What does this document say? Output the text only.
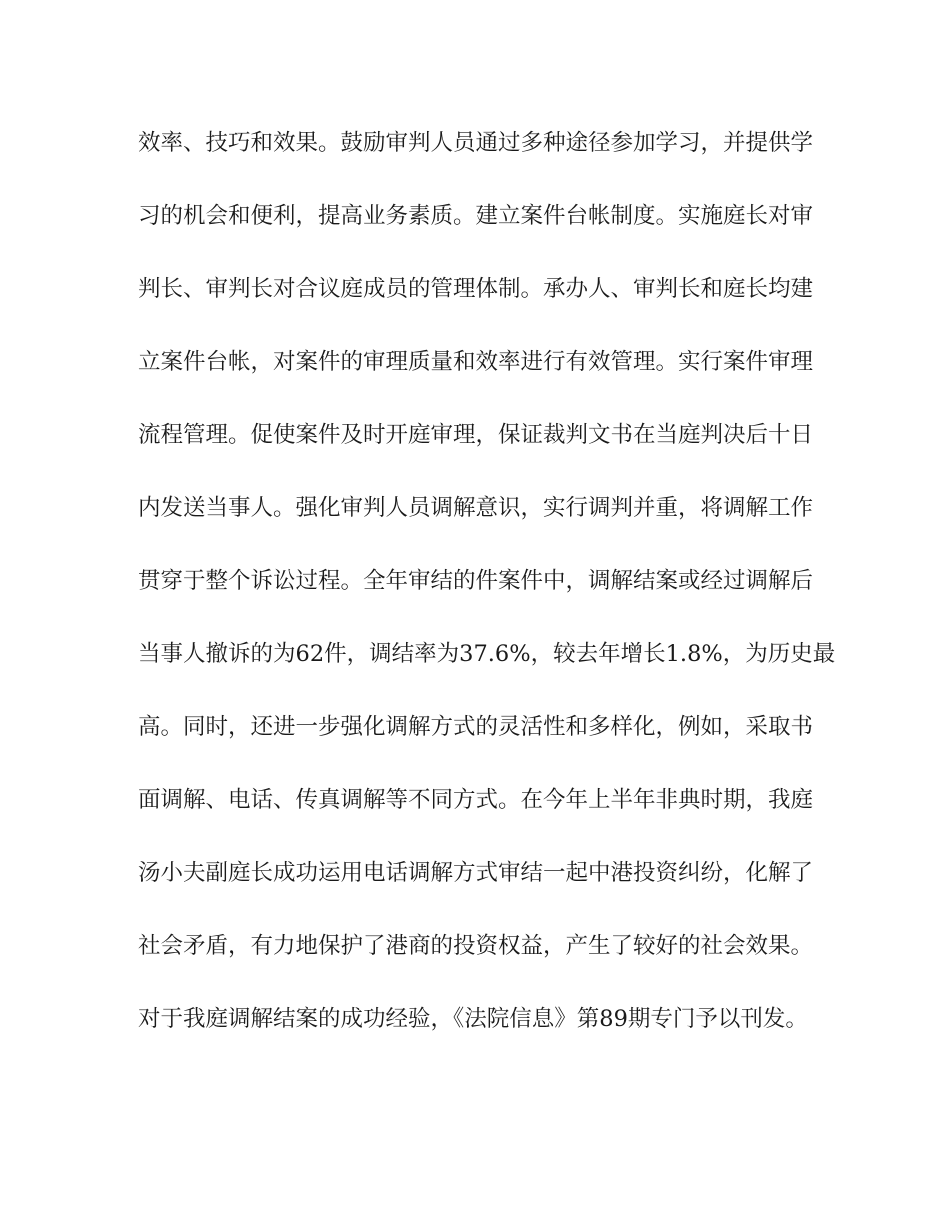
效率、技巧和效果。鼓励审判人员通过多种途径参加学习，并提供学
习的机会和便利，提高业务素质。建立案件台帐制度。实施庭长对审
判长、审判长对合议庭成员的管理体制。承办人、审判长和庭长均建
立案件台帐，对案件的审理质量和效率进行有效管理。实行案件审理
流程管理。促使案件及时开庭审理，保证裁判文书在当庭判决后十日
内发送当事人。强化审判人员调解意识，实行调判并重，将调解工作
贯穿于整个诉讼过程。全年审结的件案件中，调解结案或经过调解后
当事人撤诉的为62件，调结率为37.6%，较去年增长1.8%，为历史最
高。同时，还进一步强化调解方式的灵活性和多样化，例如，采取书
面调解、电话、传真调解等不同方式。在今年上半年非典时期，我庭
汤小夫副庭长成功运用电话调解方式审结一起中港投资纠纷，化解了
社会矛盾，有力地保护了港商的投资权益，产生了较好的社会效果。
对于我庭调解结案的成功经验，《法院信息》第89期专门予以刊发。
